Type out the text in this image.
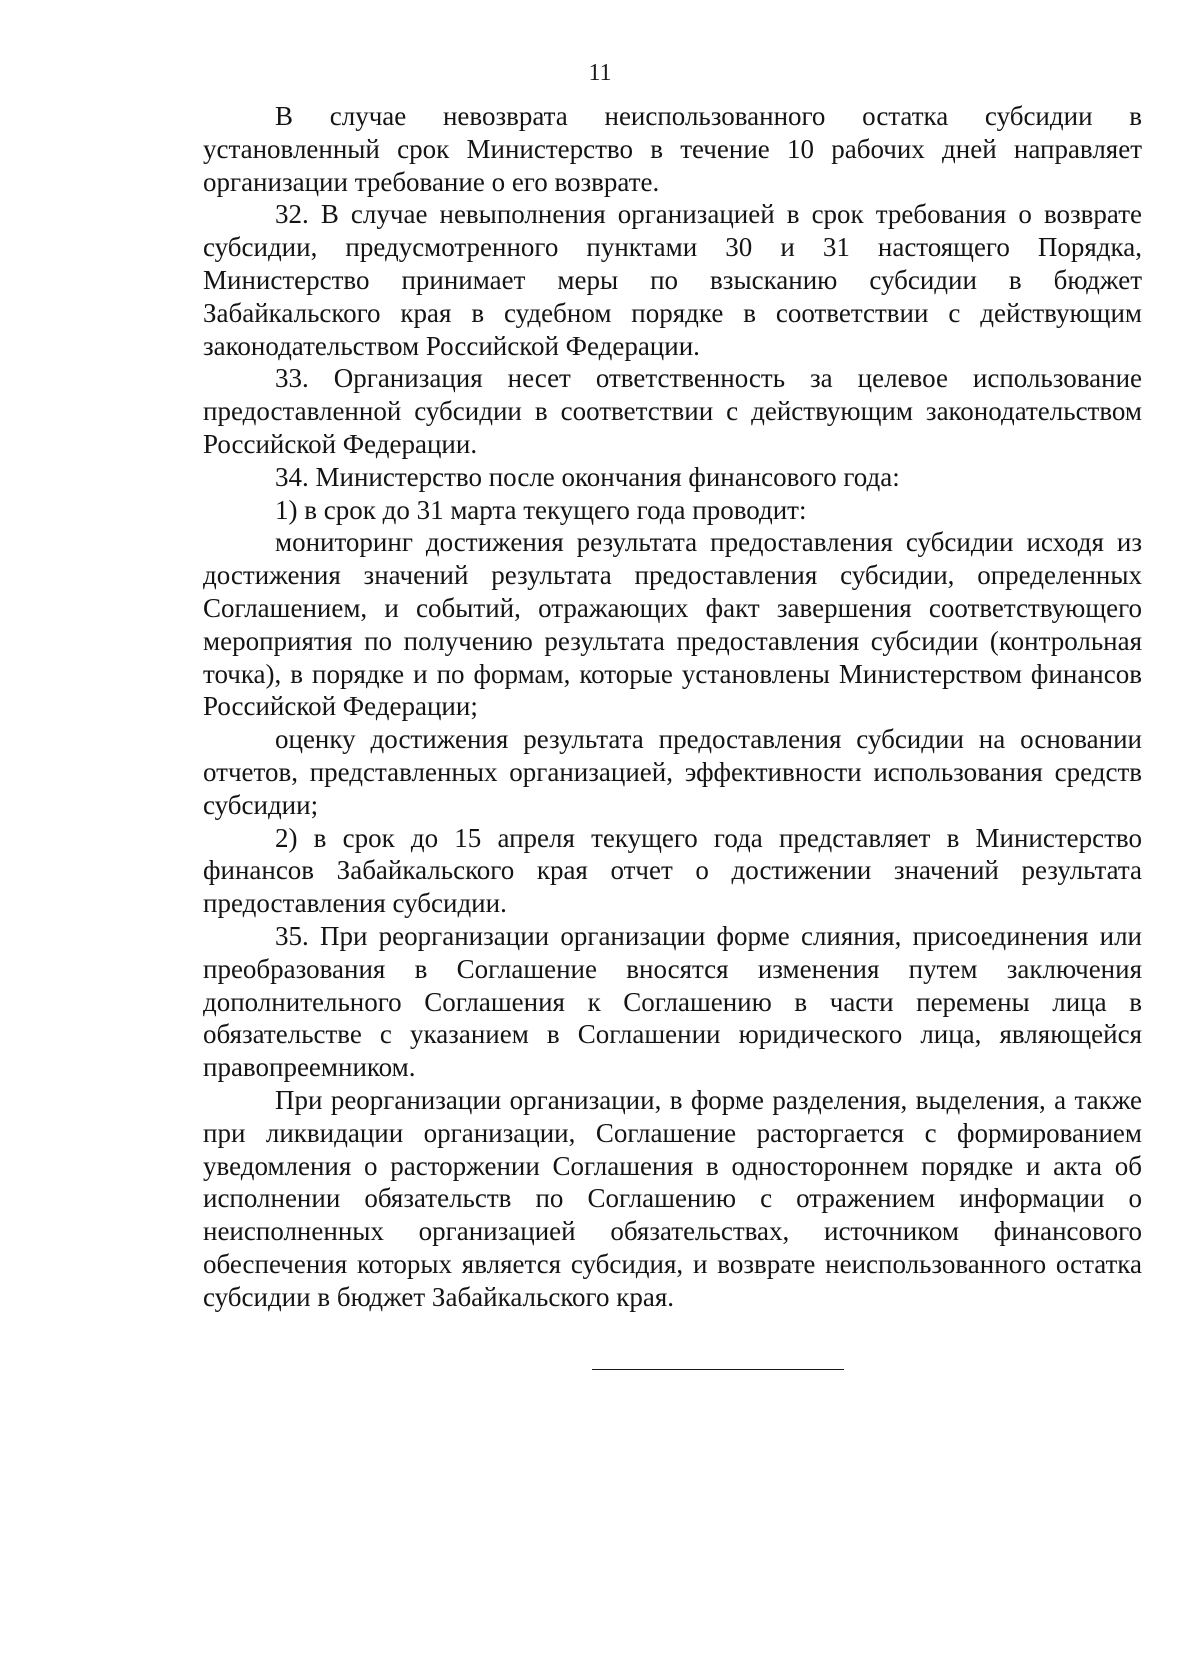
11

В случае невозврата неиспользованного остатка субсидии в установленный срок Министерство в течение 10 рабочих дней направляет организации требование о его возврате.

32. В случае невыполнения организацией в срок требования о возврате субсидии, предусмотренного пунктами 30 и 31 настоящего Порядка, Министерство принимает меры по взысканию субсидии в бюджет Забайкальского края в судебном порядке в соответствии с действующим законодательством Российской Федерации.

33. Организация несет ответственность за целевое использование предоставленной субсидии в соответствии с действующим законодательством Российской Федерации.

34. Министерство после окончания финансового года:

1) в срок до 31 марта текущего года проводит:

мониторинг достижения результата предоставления субсидии исходя из достижения значений результата предоставления субсидии, определенных Соглашением, и событий, отражающих факт завершения соответствующего мероприятия по получению результата предоставления субсидии (контрольная точка), в порядке и по формам, которые установлены Министерством финансов Российской Федерации;

оценку достижения результата предоставления субсидии на основании отчетов, представленных организацией, эффективности использования средств субсидии;

2) в срок до 15 апреля текущего года представляет в Министерство финансов Забайкальского края отчет о достижении значений результата предоставления субсидии.

35. При реорганизации организации форме слияния, присоединения или преобразования в Соглашение вносятся изменения путем заключения дополнительного Соглашения к Соглашению в части перемены лица в обязательстве с указанием в Соглашении юридического лица, являющейся правопреемником.

При реорганизации организации, в форме разделения, выделения, а также при ликвидации организации, Соглашение расторгается с формированием уведомления о расторжении Соглашения в одностороннем порядке и акта об исполнении обязательств по Соглашению с отражением информации о неисполненных организацией обязательствах, источником финансового обеспечения которых является субсидия, и возврате неиспользованного остатка субсидии в бюджет Забайкальского края.
